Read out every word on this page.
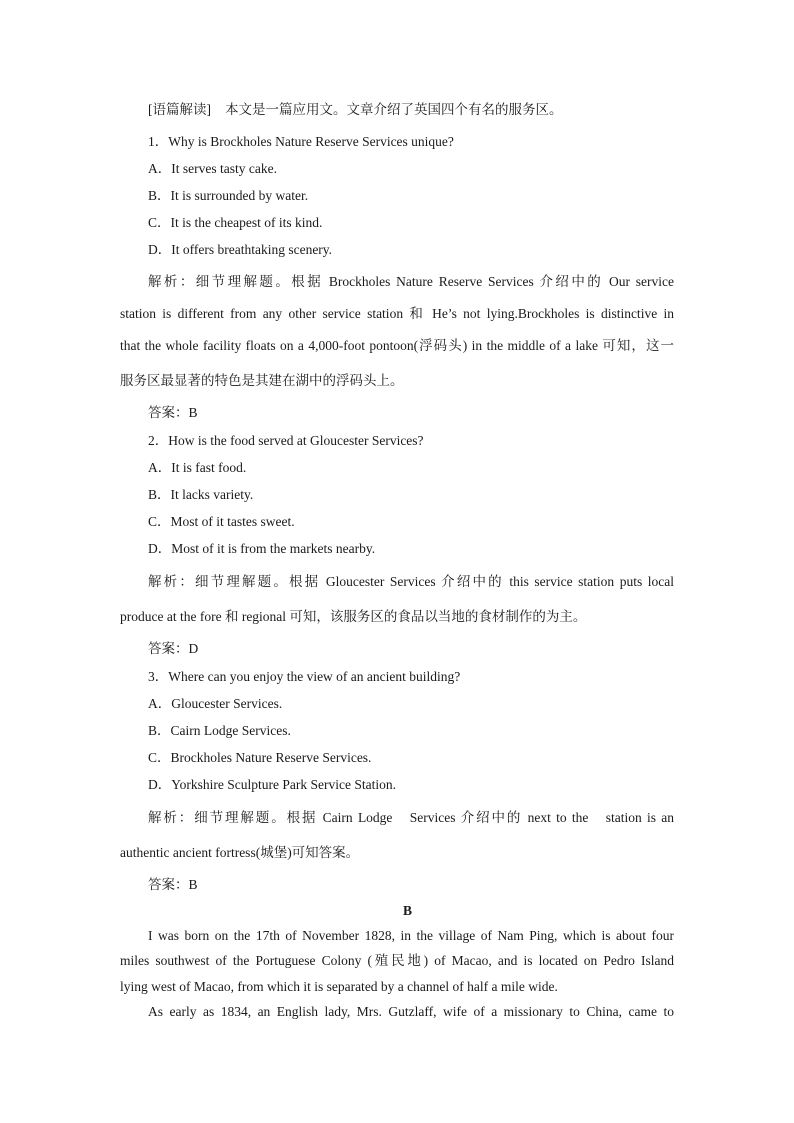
[语篇解读] 本文是一篇应用文。文章介绍了英国四个有名的服务区。
1．Why is Brockholes Nature Reserve Services unique?
A．It serves tasty cake.
B．It is surrounded by water.
C．It is the cheapest of its kind.
D．It offers breathtaking scenery.
解析：细节理解题。根据 Brockholes Nature Reserve Services 介绍中的 Our service
station is different from any other service station 和 He’s not lying.Brockholes is distinctive in
that the whole facility floats on a 4,000-foot pontoon(浮码头) in the middle of a lake 可知，这一
服务区最显著的特色是其建在湖中的浮码头上。
答案：B
2．How is the food served at Gloucester Services?
A．It is fast food.
B．It lacks variety.
C．Most of it tastes sweet.
D．Most of it is from the markets nearby.
解析：细节理解题。根据 Gloucester Services 介绍中的 this service station puts local
produce at the fore 和 regional 可知，该服务区的食品以当地的食材制作的为主。
答案：D
3．Where can you enjoy the view of an ancient building?
A．Gloucester Services.
B．Cairn Lodge Services.
C．Brockholes Nature Reserve Services.
D．Yorkshire Sculpture Park Service Station.
解析：细节理解题。根据 Cairn Lodge　Services 介绍中的 next to the　station is an
authentic ancient fortress(城堡)可知答案。
答案：B
B
I was born on the 17th of November 1828, in the village of Nam Ping, which is about four
miles southwest of the Portuguese Colony (殖民地) of Macao, and is located on Pedro Island
lying west of Macao, from which it is separated by a channel of half a mile wide.
As early as 1834, an English lady, Mrs. Gutzlaff, wife of a missionary to China, came to
